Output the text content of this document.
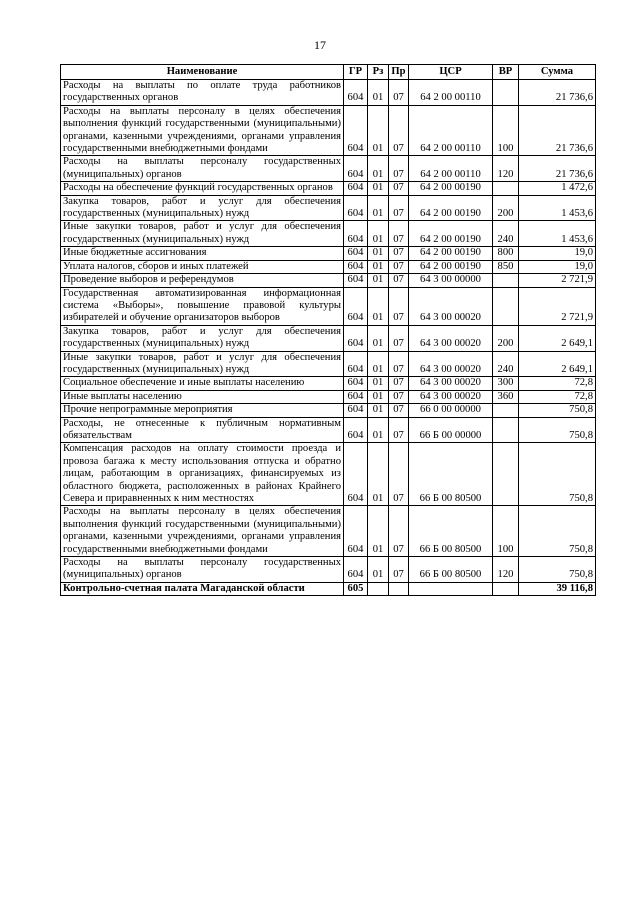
17
Наименование	ГР	Рз	Пр	ЦСР	ВР	Сумма
Расходы на выплаты по оплате труда работников государственных органов	604	01	07	64 2 00 00110		21 736,6
Расходы на выплаты персоналу в целях обеспечения выполнения функций государственными (муниципальными) органами, казенными учреждениями, органами управления государственными внебюджетными фондами	604	01	07	64 2 00 00110	100	21 736,6
Расходы на выплаты персоналу государственных (муниципальных) органов	604	01	07	64 2 00 00110	120	21 736,6
Расходы на обеспечение функций государственных органов	604	01	07	64 2 00 00190		1 472,6
Закупка товаров, работ и услуг для обеспечения государственных (муниципальных) нужд	604	01	07	64 2 00 00190	200	1 453,6
Иные закупки товаров, работ и услуг для обеспечения государственных (муниципальных) нужд	604	01	07	64 2 00 00190	240	1 453,6
Иные бюджетные ассигнования	604	01	07	64 2 00 00190	800	19,0
Уплата налогов, сборов и иных платежей	604	01	07	64 2 00 00190	850	19,0
Проведение выборов и референдумов	604	01	07	64 3 00 00000		2 721,9
Государственная автоматизированная информационная система «Выборы», повышение правовой культуры избирателей и обучение организаторов выборов	604	01	07	64 3 00 00020		2 721,9
Закупка товаров, работ и услуг для обеспечения государственных (муниципальных) нужд	604	01	07	64 3 00 00020	200	2 649,1
Иные закупки товаров, работ и услуг для обеспечения государственных (муниципальных) нужд	604	01	07	64 3 00 00020	240	2 649,1
Социальное обеспечение и иные выплаты населению	604	01	07	64 3 00 00020	300	72,8
Иные выплаты населению	604	01	07	64 3 00 00020	360	72,8
Прочие непрограммные мероприятия	604	01	07	66 0 00 00000		750,8
Расходы, не отнесенные к публичным нормативным обязательствам	604	01	07	66 Б 00 00000		750,8
Компенсация расходов на оплату стоимости проезда и провоза багажа к месту использования отпуска и обратно лицам, работающим в организациях, финансируемых из областного бюджета, расположенных в районах Крайнего Севера и приравненных к ним местностях	604	01	07	66 Б 00 80500		750,8
Расходы на выплаты персоналу в целях обеспечения выполнения функций государственными (муниципальными) органами, казенными учреждениями, органами управления государственными внебюджетными фондами	604	01	07	66 Б 00 80500	100	750,8
Расходы на выплаты персоналу государственных (муниципальных) органов	604	01	07	66 Б 00 80500	120	750,8
Контрольно-счетная палата Магаданской области	605					39 116,8
